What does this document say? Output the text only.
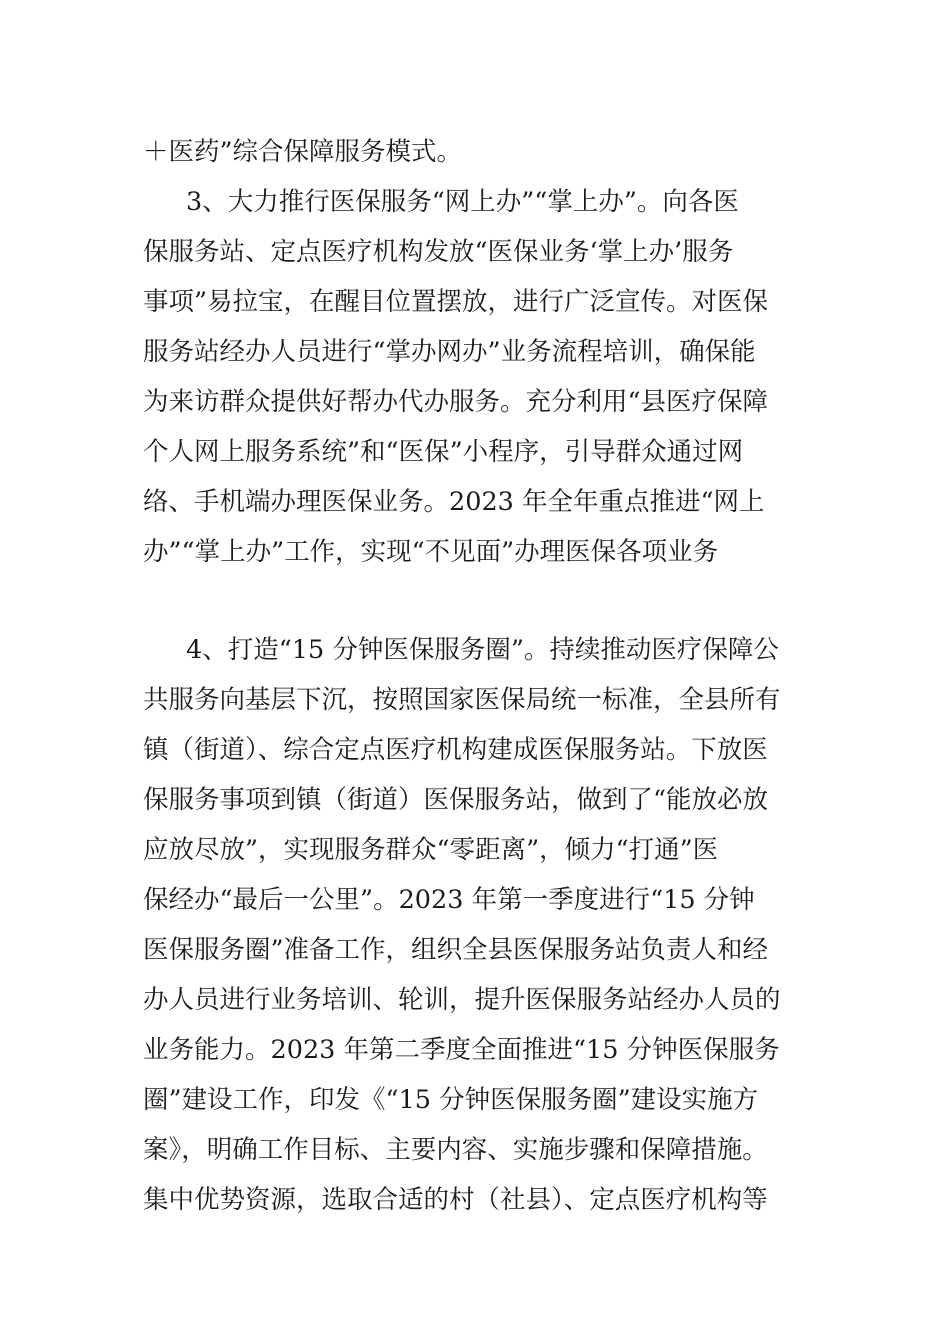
＋医药”综合保障服务模式。
3、大力推行医保服务“网上办”“掌上办”。向各医
保服务站、定点医疗机构发放“医保业务‘掌上办’服务
事项”易拉宝，在醒目位置摆放，进行广泛宣传。对医保
服务站经办人员进行“掌办网办”业务流程培训，确保能
为来访群众提供好帮办代办服务。充分利用“县医疗保障
个人网上服务系统”和“医保”小程序，引导群众通过网
络、手机端办理医保业务。2023 年全年重点推进“网上
办”“掌上办”工作，实现“不见面”办理医保各项业务
4、打造“15 分钟医保服务圈”。持续推动医疗保障公
共服务向基层下沉，按照国家医保局统一标准，全县所有
镇（街道）、综合定点医疗机构建成医保服务站。下放医
保服务事项到镇（街道）医保服务站，做到了“能放必放
应放尽放”，实现服务群众“零距离”，倾力“打通”医
保经办“最后一公里”。2023 年第一季度进行“15 分钟
医保服务圈”准备工作，组织全县医保服务站负责人和经
办人员进行业务培训、轮训，提升医保服务站经办人员的
业务能力。2023 年第二季度全面推进“15 分钟医保服务
圈”建设工作，印发《“15 分钟医保服务圈”建设实施方
案》，明确工作目标、主要内容、实施步骤和保障措施。
集中优势资源，选取合适的村（社县）、定点医疗机构等
